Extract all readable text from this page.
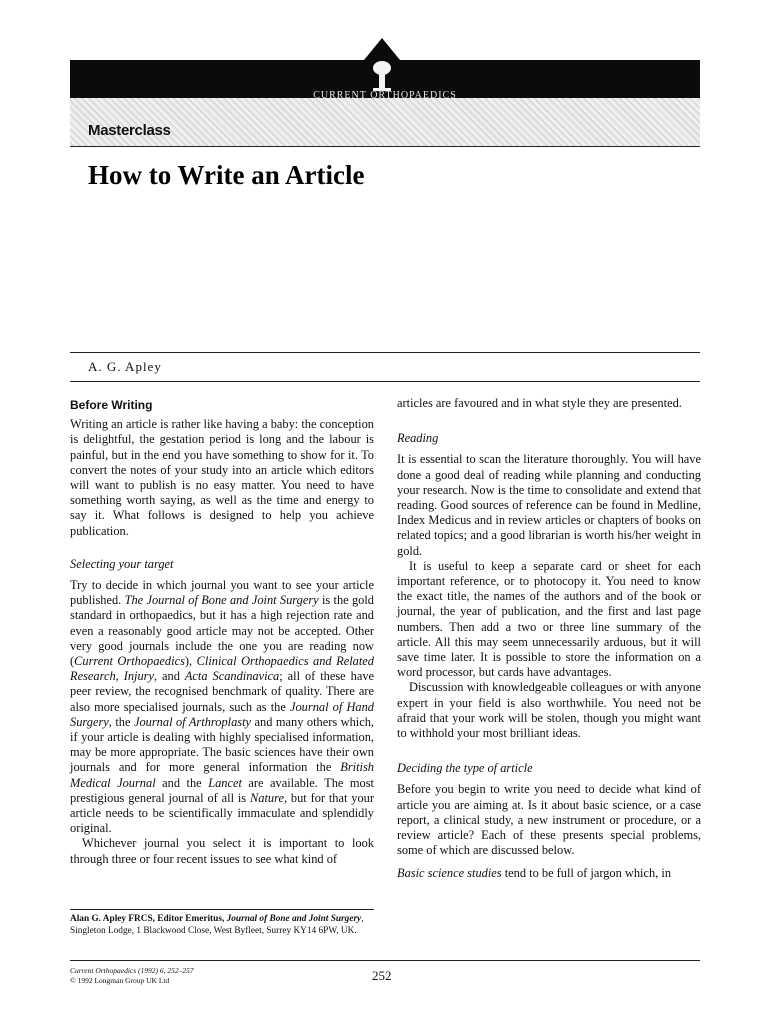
CURRENT ORTHOPAEDICS
Masterclass
How to Write an Article
A. G. Apley

Before Writing

Writing an article is rather like having a baby: the conception is delightful, the gestation period is long and the labour is painful, but in the end you have something to show for it. To convert the notes of your study into an article which editors will want to publish is no easy matter. You need to have something worth saying, as well as the time and energy to say it. What follows is designed to help you achieve publication.

Selecting your target

Try to decide in which journal you want to see your article published. The Journal of Bone and Joint Surgery is the gold standard in orthopaedics, but it has a high rejection rate and even a reasonably good article may not be accepted. Other very good journals include the one you are reading now (Current Orthopaedics), Clinical Orthopaedics and Related Research, Injury, and Acta Scandinavica; all of these have peer review, the recognised benchmark of quality. There are also more specialised journals, such as the Journal of Hand Surgery, the Journal of Arthroplasty and many others which, if your article is dealing with highly specialised information, may be more appropriate. The basic sciences have their own journals and for more general information the British Medical Journal and the Lancet are available. The most prestigious general journal of all is Nature, but for that your article needs to be scientifically immaculate and splendidly original.

Whichever journal you select it is important to look through three or four recent issues to see what kind of

articles are favoured and in what style they are presented.

Reading

It is essential to scan the literature thoroughly. You will have done a good deal of reading while planning and conducting your research. Now is the time to consolidate and extend that reading. Good sources of reference can be found in Medline, Index Medicus and in review articles or chapters of books on related topics; and a good librarian is worth his/her weight in gold.

It is useful to keep a separate card or sheet for each important reference, or to photocopy it. You need to know the exact title, the names of the authors and of the book or journal, the year of publication, and the first and last page numbers. Then add a two or three line summary of the article. All this may seem unnecessarily arduous, but it will save time later. It is possible to store the information on a word processor, but cards have advantages.

Discussion with knowledgeable colleagues or with anyone expert in your field is also worthwhile. You need not be afraid that your work will be stolen, though you might want to withhold your most brilliant ideas.

Deciding the type of article

Before you begin to write you need to decide what kind of article you are aiming at. Is it about basic science, or a case report, a clinical study, a new instrument or procedure, or a review article? Each of these presents special problems, some of which are discussed below.

Basic science studies tend to be full of jargon which, in

Alan G. Apley FRCS, Editor Emeritus, Journal of Bone and Joint Surgery, Singleton Lodge, 1 Blackwood Close, West Byfleet, Surrey KY14 6PW, UK.
Current Orthopaedics (1992) 6, 252–257
© 1992 Longman Group UK Ltd	252
